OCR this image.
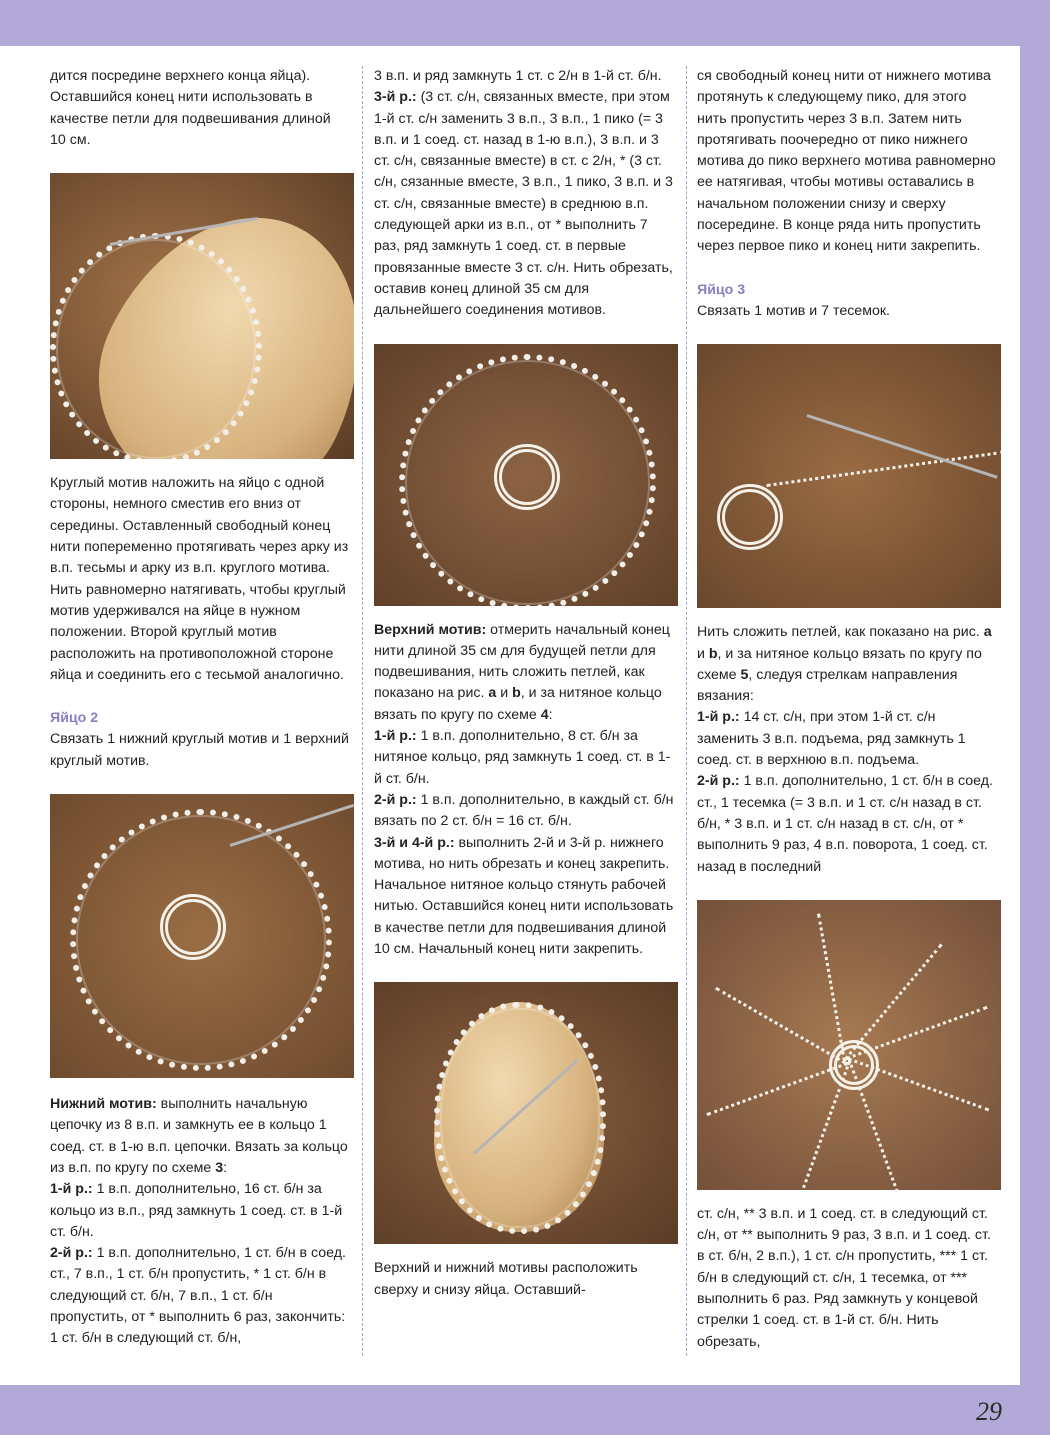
дится посредине верхнего конца яйца). Оставшийся конец нити использовать в качестве петли для подвешивания длиной 10 см.

Круглый мотив наложить на яйцо с одной стороны, немного сместив его вниз от середины. Оставленный свободный конец нити попеременно протягивать через арку из в.п. тесьмы и арку из в.п. круглого мотива. Нить равномерно натягивать, чтобы круглый мотив удерживался на яйце в нужном положении. Второй круглый мотив расположить на противоположной стороне яйца и соединить его с тесьмой аналогично.

Яйцо 2

Связать 1 нижний круглый мотив и 1 верхний круглый мотив.

Нижний мотив: выполнить начальную цепочку из 8 в.п. и замкнуть ее в кольцо 1 соед. ст. в 1-ю в.п. цепочки. Вязать за кольцо из в.п. по кругу по схеме 3:

1-й р.: 1 в.п. дополнительно, 16 ст. б/н за кольцо из в.п., ряд замкнуть 1 соед. ст. в 1-й ст. б/н.

2-й р.: 1 в.п. дополнительно, 1 ст. б/н в соед. ст., 7 в.п., 1 ст. б/н пропустить, * 1 ст. б/н в следующий ст. б/н, 7 в.п., 1 ст. б/н пропустить, от * выполнить 6 раз, закончить: 1 ст. б/н в следующий ст. б/н,

3 в.п. и ряд замкнуть 1 ст. с 2/н в 1-й ст. б/н.

3-й р.: (3 ст. с/н, связанных вместе, при этом 1-й ст. с/н заменить 3 в.п., 3 в.п., 1 пико (= 3 в.п. и 1 соед. ст. назад в 1-ю в.п.), 3 в.п. и 3 ст. с/н, связанные вместе) в ст. с 2/н, * (3 ст. с/н, сязанные вместе, 3 в.п., 1 пико, 3 в.п. и 3 ст. с/н, связанные вместе) в среднюю в.п. следующей арки из в.п., от * выполнить 7 раз, ряд замкнуть 1 соед. ст. в первые провязанные вместе 3 ст. с/н. Нить обрезать, оставив конец длиной 35 см для дальнейшего соединения мотивов.

Верхний мотив: отмерить начальный конец нити длиной 35 см для будущей петли для подвешивания, нить сложить петлей, как показано на рис. a и b, и за нитяное кольцо вязать по кругу по схеме 4:

1-й р.: 1 в.п. дополнительно, 8 ст. б/н за нитяное кольцо, ряд замкнуть 1 соед. ст. в 1-й ст. б/н.

2-й р.: 1 в.п. дополнительно, в каждый ст. б/н вязать по 2 ст. б/н = 16 ст. б/н.

3-й и 4-й р.: выполнить 2-й и 3-й р. нижнего мотива, но нить обрезать и конец закрепить.

Начальное нитяное кольцо стянуть рабочей нитью. Оставшийся конец нити использовать в качестве петли для подвешивания длиной 10 см. Начальный конец нити закрепить.

Верхний и нижний мотивы расположить сверху и снизу яйца. Оставший-

ся свободный конец нити от нижнего мотива протянуть к следующему пико, для этого нить пропустить через 3 в.п. Затем нить протягивать поочередно от пико нижнего мотива до пико верхнего мотива равномерно ее натягивая, чтобы мотивы оставались в начальном положении снизу и сверху посередине. В конце ряда нить пропустить через первое пико и конец нити закрепить.

Яйцо 3

Связать 1 мотив и 7 тесемок.

Нить сложить петлей, как показано на рис. a и b, и за нитяное кольцо вязать по кругу по схеме 5, следуя стрелкам направления вязания:

1-й р.: 14 ст. с/н, при этом 1-й ст. с/н заменить 3 в.п. подъема, ряд замкнуть 1 соед. ст. в верхнюю в.п. подъема.

2-й р.: 1 в.п. дополнительно, 1 ст. б/н в соед. ст., 1 тесемка (= 3 в.п. и 1 ст. с/н назад в ст. б/н, * 3 в.п. и 1 ст. с/н назад в ст. с/н, от * выполнить 9 раз, 4 в.п. поворота, 1 соед. ст. назад в последний

ст. с/н, ** 3 в.п. и 1 соед. ст. в следующий ст. с/н, от ** выполнить 9 раз, 3 в.п. и 1 соед. ст. в ст. б/н, 2 в.п.), 1 ст. с/н пропустить, *** 1 ст. б/н в следующий ст. с/н, 1 тесемка, от *** выполнить 6 раз. Ряд замкнуть у концевой стрелки 1 соед. ст. в 1-й ст. б/н. Нить обрезать,

29
